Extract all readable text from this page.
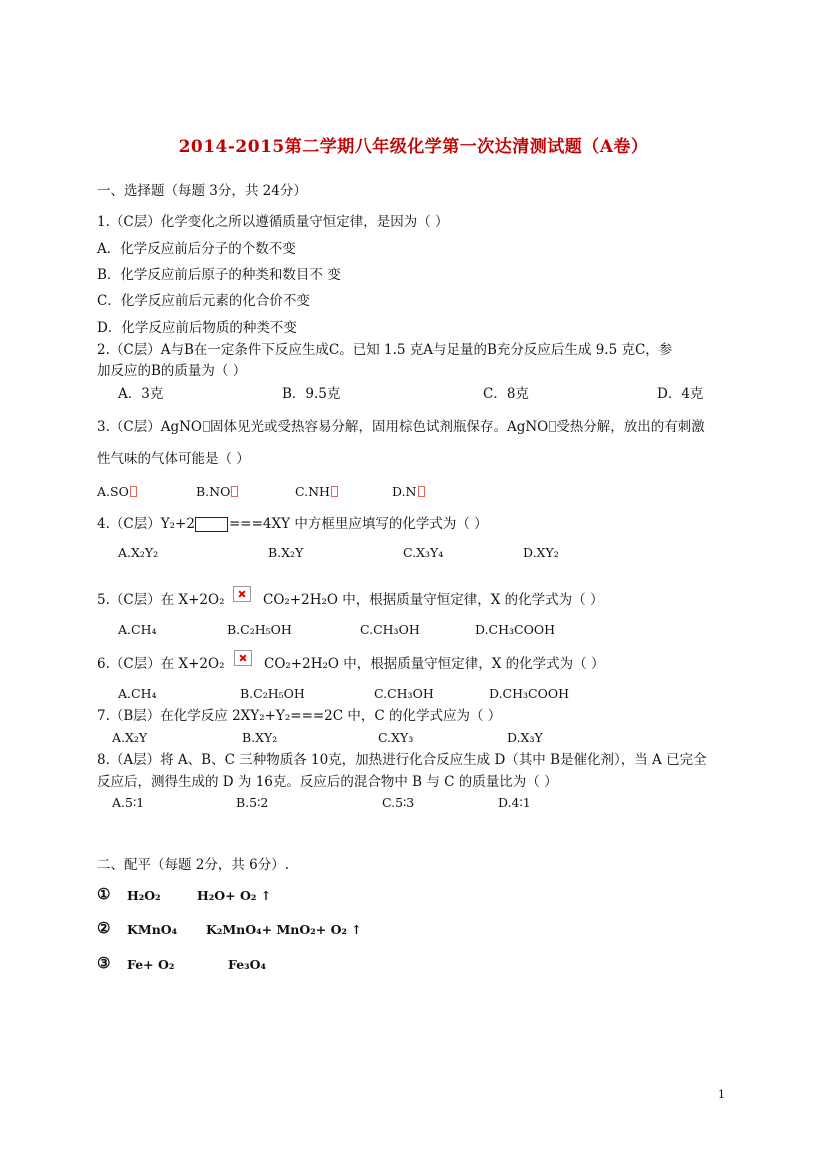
2014-2015第二学期八年级化学第一次达清测试题（A卷）
一、选择题（每题 3分，共 24分）
1.（C层）化学变化之所以遵循质量守恒定律，是因为（ ）
A．化学反应前后分子的个数不变
B．化学反应前后原子的种类和数目不 变
C．化学反应前后元素的化合价不变
D．化学反应前后物质的种类不变
2.（C层）A与B在一定条件下反应生成C。已知 1.5 克A与足量的B充分反应后生成 9.5 克C，参
加反应的B的质量为（ ）
A．3克	B．9.5克	C．8克	D．4克
3.（C层）AgNO 固体见光或受热容易分解，固用棕色试剂瓶保存。AgNO 受热分解，放出的有刺激
性气味的气体可能是（ ）
A.SO	B.NO	C.NH	D.N
4.（C层）Y₂+2	===4XY 中方框里应填写的化学式为（ ）
A.X₂Y₂	B.X₂Y	C.X₃Y₄	D.XY₂
5.（C层）在 X+2O₂	CO₂+2H₂O 中，根据质量守恒定律，X 的化学式为（ ）
A.CH₄	B.C₂H₅OH	C.CH₃OH	D.CH₃COOH
6.（C层）在 X+2O₂	CO₂+2H₂O 中，根据质量守恒定律，X 的化学式为（ ）
A.CH₄	B.C₂H₅OH	C.CH₃OH	D.CH₃COOH
7.（B层）在化学反应 2XY₂+Y₂===2C 中，C 的化学式应为（ ）
A.X₂Y	B.XY₂	C.XY₃	D.X₃Y
8.（A层）将 A、B、C 三种物质各 10克，加热进行化合反应生成 D（其中 B是催化剂），当 A 已完全
反应后，测得生成的 D 为 16克。反应后的混合物中 B 与 C 的质量比为（ ）
A.5∶1	B.5∶2	C.5∶3	D.4∶1
二、配平（每题 2分，共 6分）.
① H₂O₂	H₂O+ O₂ ↑
② KMnO₄ K₂MnO₄+ MnO₂+ O₂ ↑
③ Fe+ O₂	Fe₃O₄
1
